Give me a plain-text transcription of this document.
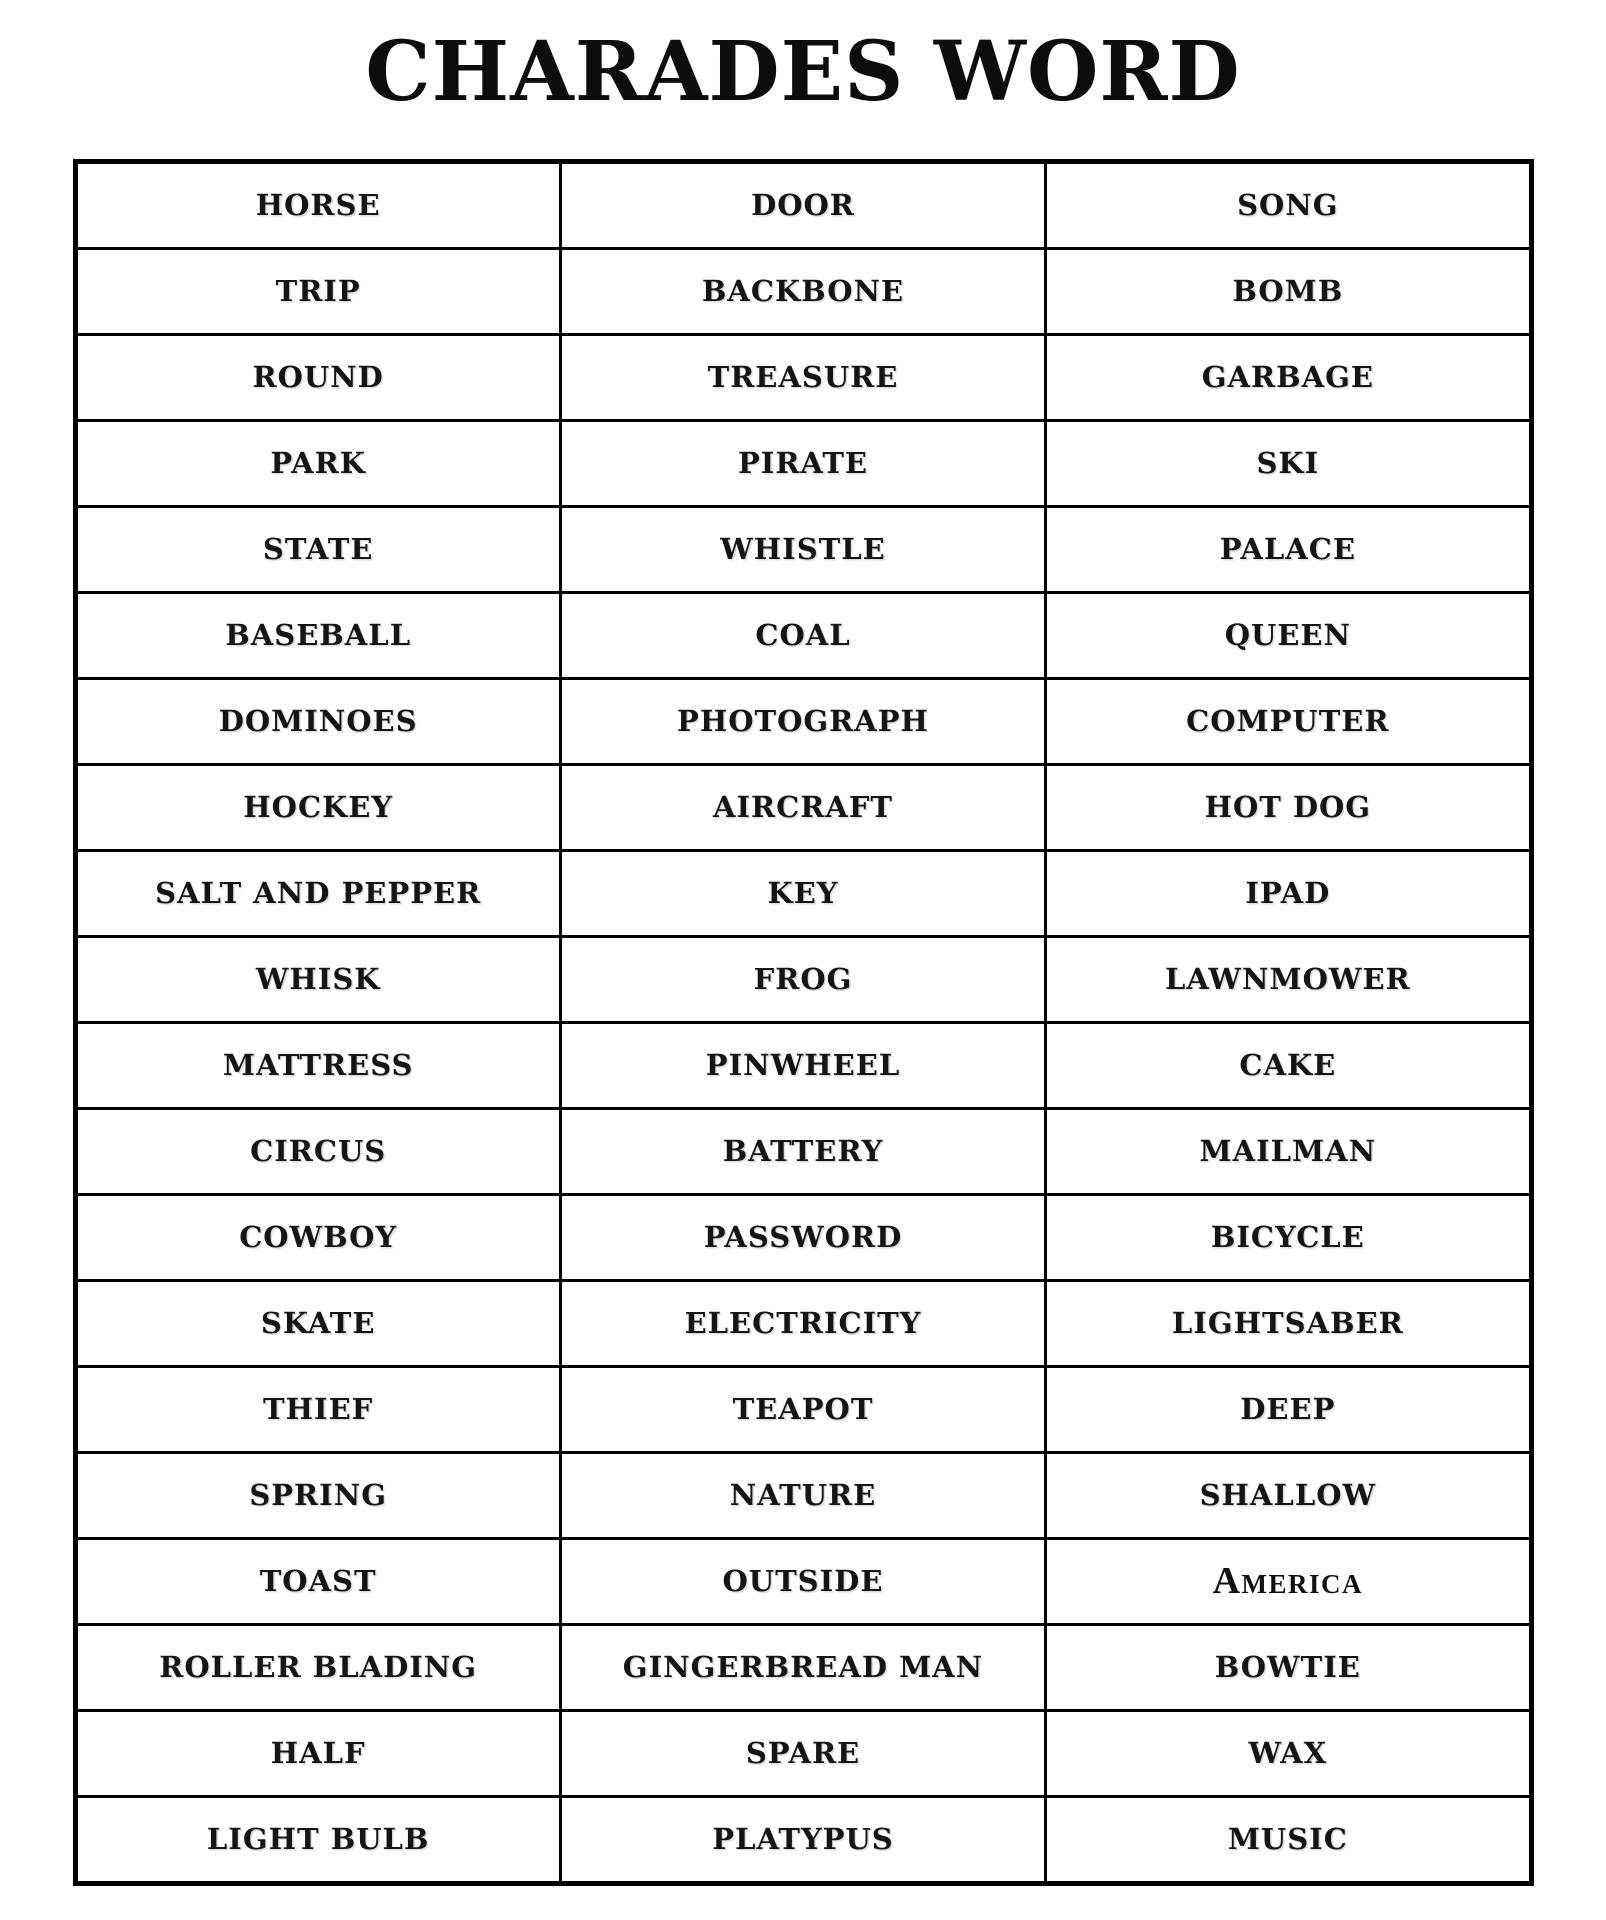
CHARADES WORD
HORSE	DOOR	SONG
TRIP	BACKBONE	BOMB
ROUND	TREASURE	GARBAGE
PARK	PIRATE	SKI
STATE	WHISTLE	PALACE
BASEBALL	COAL	QUEEN
DOMINOES	PHOTOGRAPH	COMPUTER
HOCKEY	AIRCRAFT	HOT DOG
SALT AND PEPPER	KEY	IPAD
WHISK	FROG	LAWNMOWER
MATTRESS	PINWHEEL	CAKE
CIRCUS	BATTERY	MAILMAN
COWBOY	PASSWORD	BICYCLE
SKATE	ELECTRICITY	LIGHTSABER
THIEF	TEAPOT	DEEP
SPRING	NATURE	SHALLOW
TOAST	OUTSIDE	America
ROLLER BLADING	GINGERBREAD MAN	BOWTIE
HALF	SPARE	WAX
LIGHT BULB	PLATYPUS	MUSIC
